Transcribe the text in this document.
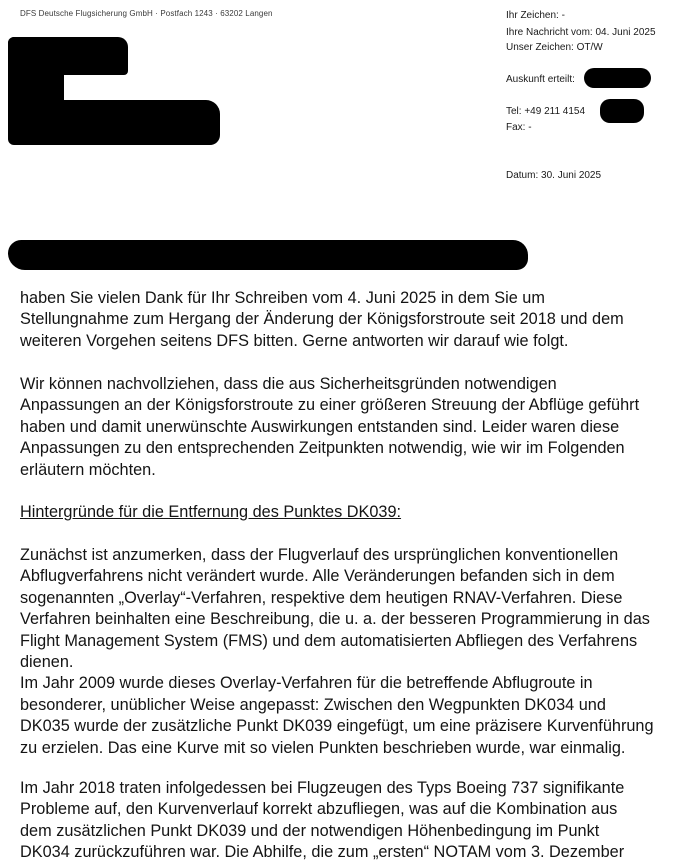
DFS Deutsche Flugsicherung GmbH · Postfach 1243 · 63202 Langen	Ihr Zeichen: -
Ihre Nachricht vom: 04. Juni 2025
Unser Zeichen: OT/W
Auskunft erteilt:
Tel: +49 211 4154
Fax: -
Datum: 30. Juni 2025

haben Sie vielen Dank für Ihr Schreiben vom 4. Juni 2025 in dem Sie um

Stellungnahme zum Hergang der Änderung der Königsforstroute seit 2018 und dem

weiteren Vorgehen seitens DFS bitten. Gerne antworten wir darauf wie folgt.

Wir können nachvollziehen, dass die aus Sicherheitsgründen notwendigen

Anpassungen an der Königsforstroute zu einer größeren Streuung der Abflüge geführt

haben und damit unerwünschte Auswirkungen entstanden sind. Leider waren diese

Anpassungen zu den entsprechenden Zeitpunkten notwendig, wie wir im Folgenden

erläutern möchten.

Hintergründe für die Entfernung des Punktes DK039:

Zunächst ist anzumerken, dass der Flugverlauf des ursprünglichen konventionellen

Abflugverfahrens nicht verändert wurde. Alle Veränderungen befanden sich in dem

sogenannten „Overlay“-Verfahren, respektive dem heutigen RNAV-Verfahren. Diese

Verfahren beinhalten eine Beschreibung, die u. a. der besseren Programmierung in das

Flight Management System (FMS) und dem automatisierten Abfliegen des Verfahrens

dienen.

Im Jahr 2009 wurde dieses Overlay-Verfahren für die betreffende Abflugroute in

besonderer, unüblicher Weise angepasst: Zwischen den Wegpunkten DK034 und

DK035 wurde der zusätzliche Punkt DK039 eingefügt, um eine präzisere Kurvenführung

zu erzielen. Das eine Kurve mit so vielen Punkten beschrieben wurde, war einmalig.

Im Jahr 2018 traten infolgedessen bei Flugzeugen des Typs Boeing 737 signifikante

Probleme auf, den Kurvenverlauf korrekt abzufliegen, was auf die Kombination aus

dem zusätzlichen Punkt DK039 und der notwendigen Höhenbedingung im Punkt

DK034 zurückzuführen war. Die Abhilfe, die zum „ersten“ NOTAM vom 3. Dezember
